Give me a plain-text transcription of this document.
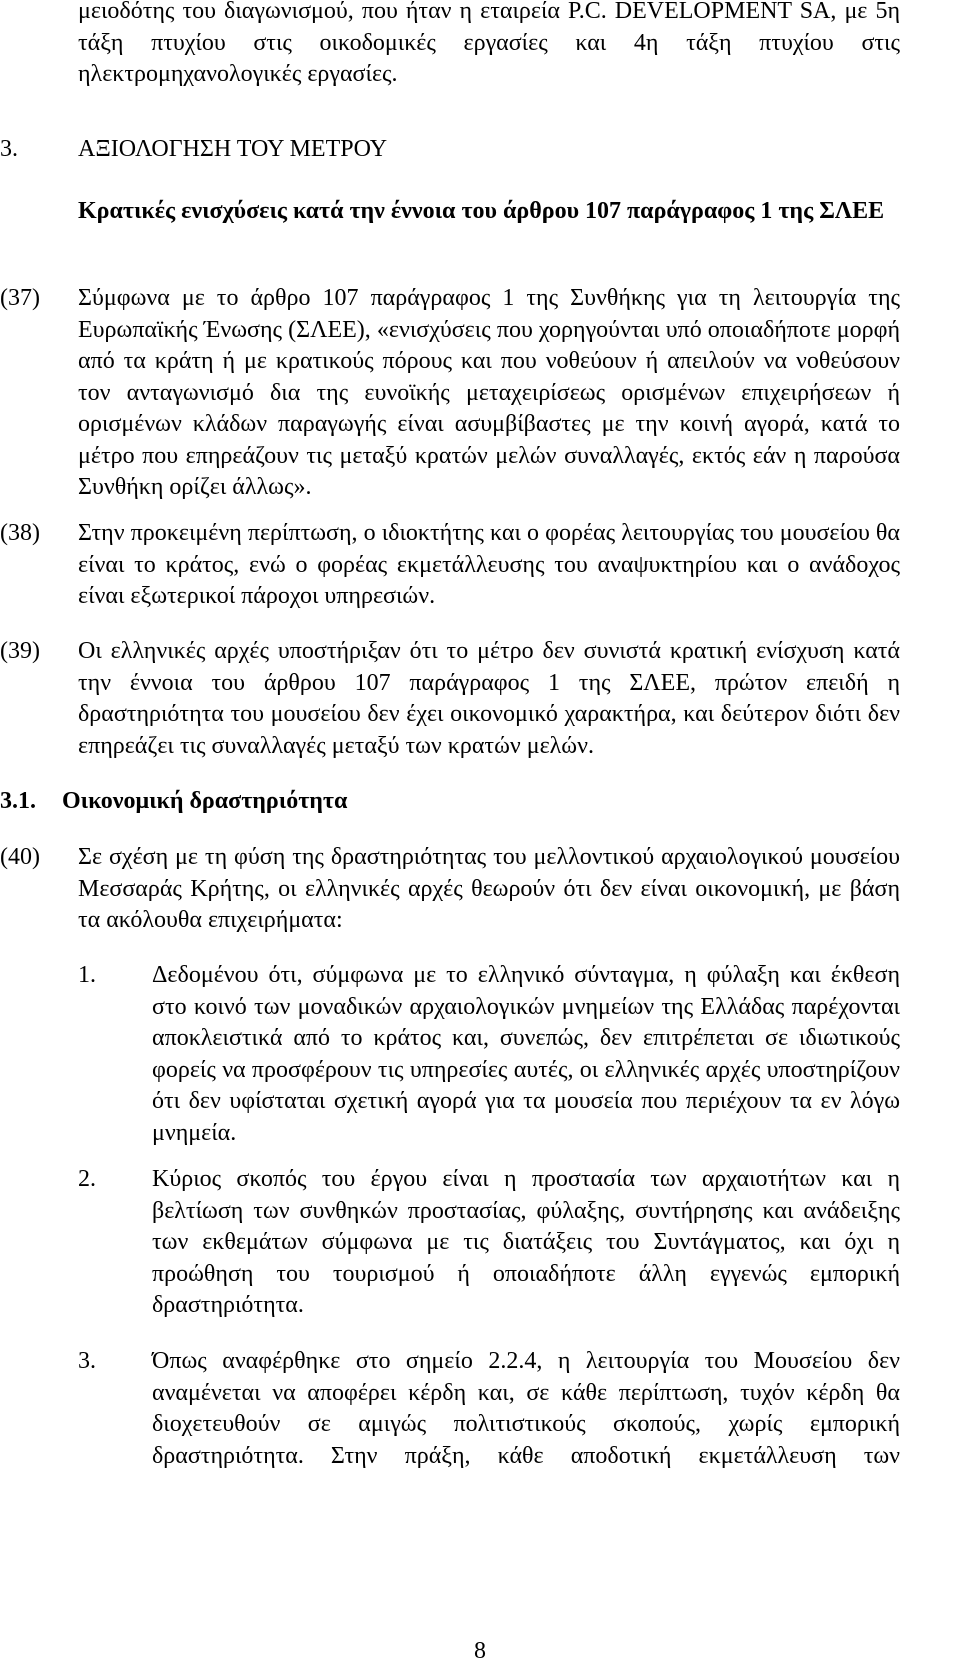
μειοδότης του διαγωνισμού, που ήταν η εταιρεία P.C. DEVELOPMENT SA, με 5η τάξη πτυχίου στις οικοδομικές εργασίες και 4η τάξη πτυχίου στις ηλεκτρομηχανολογικές εργασίες.
3.	ΑΞΙΟΛΟΓΗΣΗ ΤΟΥ ΜΕΤΡΟΥ
Κρατικές ενισχύσεις κατά την έννοια του άρθρου 107 παράγραφος 1 της ΣΛΕΕ
(37) Σύμφωνα με το άρθρο 107 παράγραφος 1 της Συνθήκης για τη λειτουργία της Ευρωπαϊκής Ένωσης (ΣΛΕΕ), «ενισχύσεις που χορηγούνται υπό οποιαδήποτε μορφή από τα κράτη ή με κρατικούς πόρους και που νοθεύουν ή απειλούν να νοθεύσουν τον ανταγωνισμό δια της ευνοϊκής μεταχειρίσεως ορισμένων επιχειρήσεων ή ορισμένων κλάδων παραγωγής είναι ασυμβίβαστες με την κοινή αγορά, κατά το μέτρο που επηρεάζουν τις μεταξύ κρατών μελών συναλλαγές, εκτός εάν η παρούσα Συνθήκη ορίζει άλλως».
(38) Στην προκειμένη περίπτωση, ο ιδιοκτήτης και ο φορέας λειτουργίας του μουσείου θα είναι το κράτος, ενώ ο φορέας εκμετάλλευσης του αναψυκτηρίου και ο ανάδοχος είναι εξωτερικοί πάροχοι υπηρεσιών.
(39) Οι ελληνικές αρχές υποστήριξαν ότι το μέτρο δεν συνιστά κρατική ενίσχυση κατά την έννοια του άρθρου 107 παράγραφος 1 της ΣΛΕΕ, πρώτον επειδή η δραστηριότητα του μουσείου δεν έχει οικονομικό χαρακτήρα, και δεύτερον διότι δεν επηρεάζει τις συναλλαγές μεταξύ των κρατών μελών.
3.1. Οικονομική δραστηριότητα
(40) Σε σχέση με τη φύση της δραστηριότητας του μελλοντικού αρχαιολογικού μουσείου Μεσσαράς Κρήτης, οι ελληνικές αρχές θεωρούν ότι δεν είναι οικονομική, με βάση τα ακόλουθα επιχειρήματα:
1. Δεδομένου ότι, σύμφωνα με το ελληνικό σύνταγμα, η φύλαξη και έκθεση στο κοινό των μοναδικών αρχαιολογικών μνημείων της Ελλάδας παρέχονται αποκλειστικά από το κράτος και, συνεπώς, δεν επιτρέπεται σε ιδιωτικούς φορείς να προσφέρουν τις υπηρεσίες αυτές, οι ελληνικές αρχές υποστηρίζουν ότι δεν υφίσταται σχετική αγορά για τα μουσεία που περιέχουν τα εν λόγω μνημεία.
2. Κύριος σκοπός του έργου είναι η προστασία των αρχαιοτήτων και η βελτίωση των συνθηκών προστασίας, φύλαξης, συντήρησης και ανάδειξης των εκθεμάτων σύμφωνα με τις διατάξεις του Συντάγματος, και όχι η προώθηση του τουρισμού ή οποιαδήποτε άλλη εγγενώς εμπορική δραστηριότητα.
3. Όπως αναφέρθηκε στο σημείο 2.2.4, η λειτουργία του Μουσείου δεν αναμένεται να αποφέρει κέρδη και, σε κάθε περίπτωση, τυχόν κέρδη θα διοχετευθούν σε αμιγώς πολιτιστικούς σκοπούς, χωρίς εμπορική δραστηριότητα. Στην πράξη, κάθε αποδοτική εκμετάλλευση των
8
